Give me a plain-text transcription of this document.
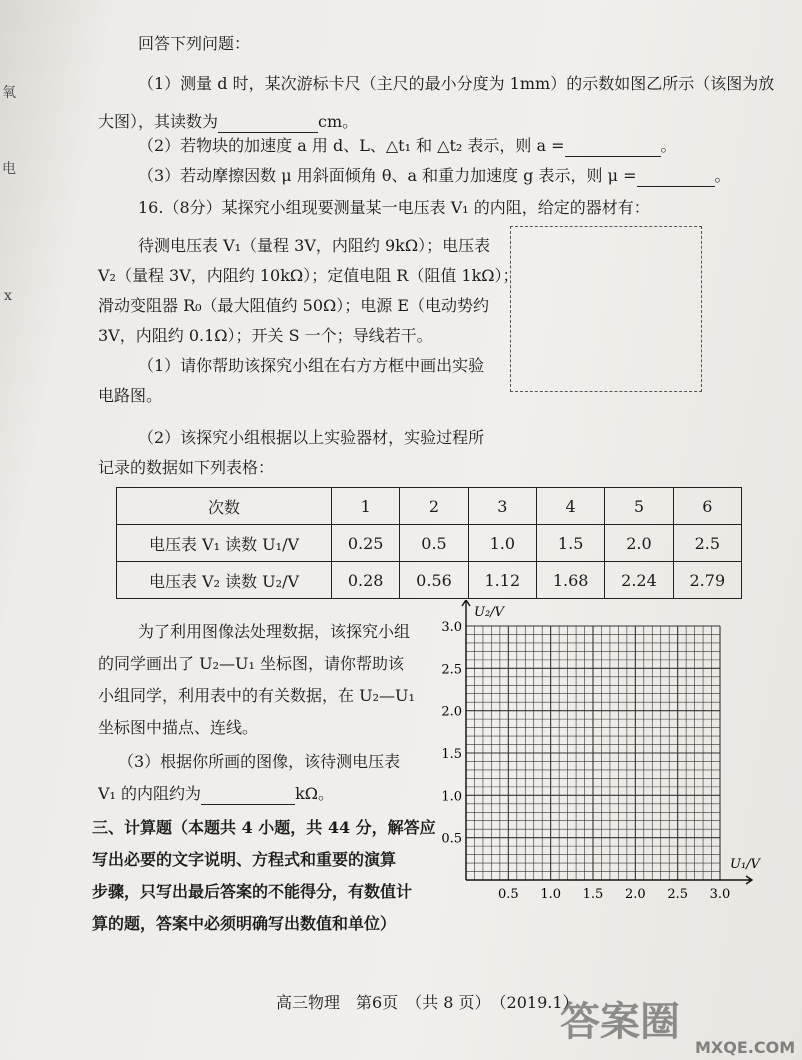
氧
电
x
回答下列问题：
（1）测量 d 时，某次游标卡尺（主尺的最小分度为 1mm）的示数如图乙所示（该图为放
大图），其读数为	cm。
（2）若物块的加速度 a 用 d、L、△t₁ 和 △t₂ 表示，则 a =	。
（3）若动摩擦因数 μ 用斜面倾角 θ、a 和重力加速度 g 表示，则 μ =	。
16.（8分）某探究小组现要测量某一电压表 V₁ 的内阻，给定的器材有：
待测电压表 V₁（量程 3V，内阻约 9kΩ）；电压表
V₂（量程 3V，内阻约 10kΩ）；定值电阻 R（阻值 1kΩ）；
滑动变阻器 R₀（最大阻值约 50Ω）；电源 E（电动势约
3V，内阻约 0.1Ω）；开关 S 一个；导线若干。
（1）请你帮助该探究小组在右方方框中画出实验
电路图。
（2）该探究小组根据以上实验器材，实验过程所
记录的数据如下列表格：
次数	1	2	3	4	5	6
电压表 V₁ 读数 U₁/V	0.25	0.5	1.0	1.5	2.0	2.5
电压表 V₂ 读数 U₂/V	0.28	0.56	1.12	1.68	2.24	2.79
为了利用图像法处理数据，该探究小组
的同学画出了 U₂—U₁ 坐标图，请你帮助该
小组同学，利用表中的有关数据，在 U₂—U₁
坐标图中描点、连线。
（3）根据你所画的图像，该待测电压表
V₁ 的内阻约为	kΩ。
三、计算题（本题共 4 小题，共 44 分，解答应
写出必要的文字说明、方程式和重要的演算
步骤，只写出最后答案的不能得分，有数值计
算的题，答案中必须明确写出数值和单位）
U₂/V
U₁/V
0.5
1.0
1.5
2.0
2.5
3.0
0.5 1.0 1.5 2.0 2.5 3.0
高三物理　第6页　（共 8 页）　（2019.1）
答案圈
MXQE.COM
